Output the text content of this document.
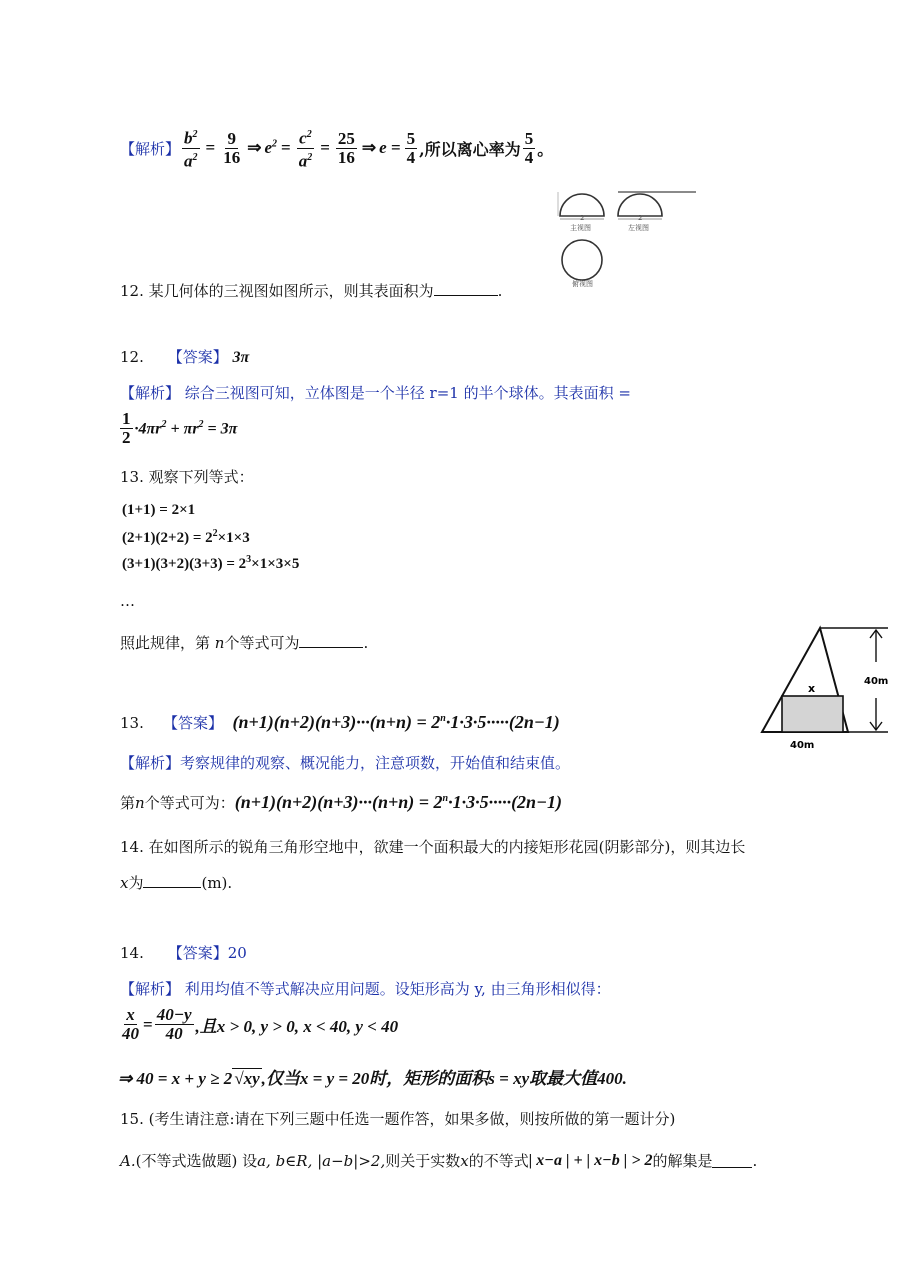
【解析】 $\frac{b^2}{a^2} = \frac{9}{16}$ ⇒ $e^2 = \frac{c^2}{a^2} = \frac{25}{16}$ ⇒ $e = \frac{5}{4}$ ,所以离心率为 $\frac{5}{4}$ 。
2
主视图
2
左视图
俯视图
12. 某几何体的三视图如图所示，则其表面积为	.
12. 【答案】 3π
【解析】 综合三视图可知，立体图是一个半径 r=1 的半个球体。其表面积 =
$\frac{1}{2} \cdot 4\pi r^2 + \pi r^2 = 3\pi$
13. 观察下列等式：
(1+1) = 2×1
$(2+1)(2+2) = 2^2\times 1\times 3$
$(3+1)(3+2)(3+3) = 2^3\times 1\times 3\times 5$
…
照此规律，第 n个等式可为	.
x
40m
40m
13.
【答案】
$(n+1)(n+2)(n+3)\cdot\cdot\cdot(n+n) = 2^n\cdot 1\cdot 3\cdot 5\cdot\cdot\cdot\cdot\cdot(2n-1)$
【解析】考察规律的观察、概况能力，注意项数，开始值和结束值。
第 n 个等式可为： $(n+1)(n+2)(n+3)\cdot\cdot\cdot(n+n) = 2^n\cdot 1\cdot 3\cdot 5\cdot\cdot\cdot\cdot\cdot(2n-1)$
14. 在如图所示的锐角三角形空地中，欲建一个面积最大的内接矩形花园(阴影部分)，则其边长
x为	(m).
14. 【答案】20
【解析】 利用均值不等式解决应用问题。设矩形高为 y, 由三角形相似得：
$\frac{x}{40} = \frac{40-y}{40}$ ,且x > 0, y > 0, x < 40, y < 40
⇒ 40 = x + y ≥ 2 √xy ,仅当x = y = 20时，矩形的面积s = xy取最大值400.
15. (考生请注意:请在下列三题中任选一题作答，如果多做，则按所做的第一题计分)
A. (不等式选做题) 设 a, b∈R, |a−b|>2, 则关于实数 x 的不等式 | x−a | + | x−b | > 2 的解集是	.
